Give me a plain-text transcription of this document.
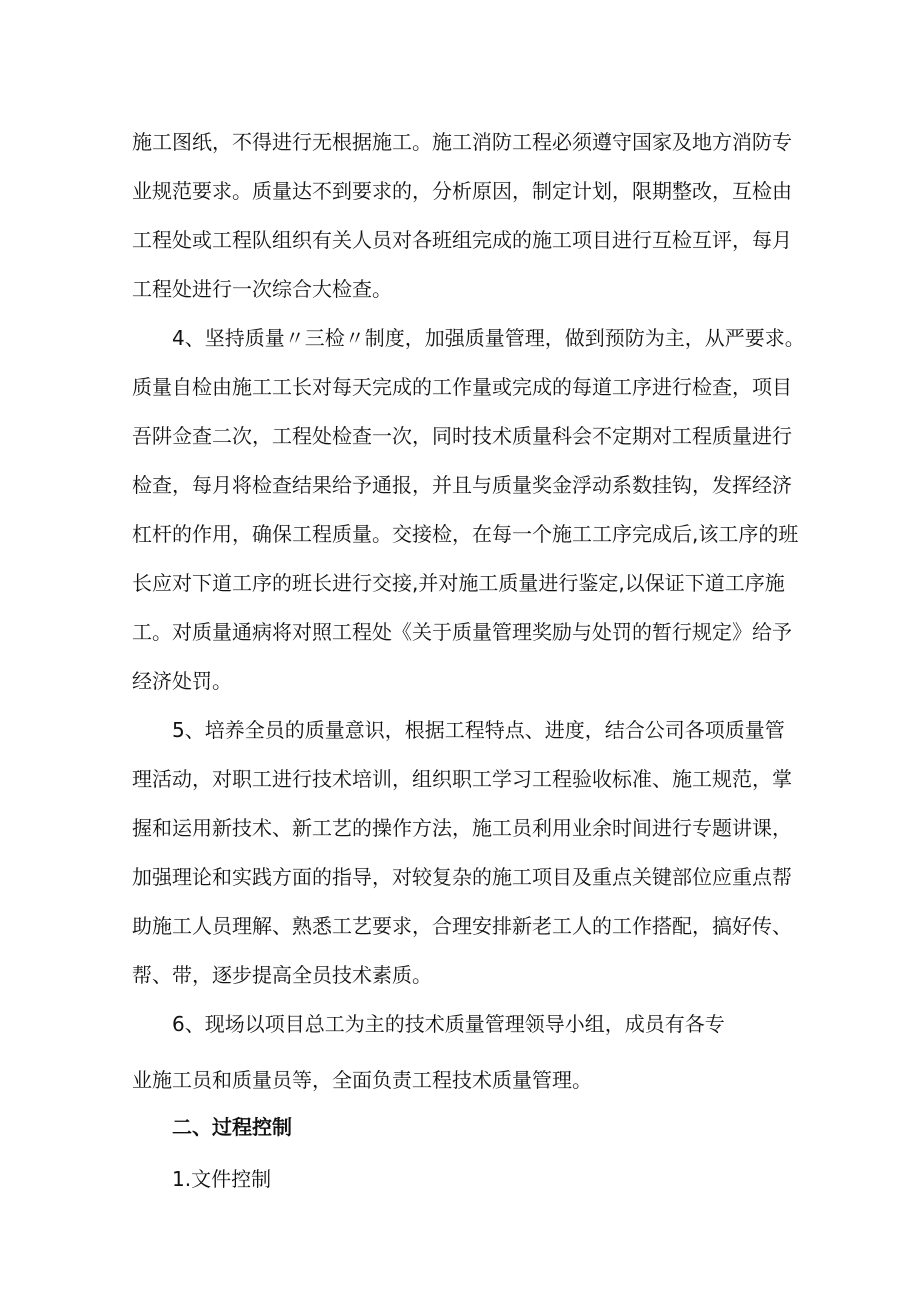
施工图纸，不得进行无根据施工。施工消防工程必须遵守国家及地方消防专
业规范要求。质量达不到要求的，分析原因，制定计划，限期整改，互检由
工程处或工程队组织有关人员对各班组完成的施工项目进行互检互评，每月
工程处进行一次综合大检查。
4、坚持质量〃三检〃制度，加强质量管理，做到预防为主，从严要求。
质量自检由施工工长对每天完成的工作量或完成的每道工序进行检查，项目
吾阱佥查二次，工程处检查一次，同时技术质量科会不定期对工程质量进行
检查，每月将检查结果给予通报，并且与质量奖金浮动系数挂钩，发挥经济
杠杆的作用，确保工程质量。交接检，在每一个施工工序完成后,该工序的班
长应对下道工序的班长进行交接,并对施工质量进行鉴定,以保证下道工序施
工。对质量通病将对照工程处《关于质量管理奖励与处罚的暂行规定》给予
经济处罚。
5、培养全员的质量意识，根据工程特点、进度，结合公司各项质量管
理活动，对职工进行技术培训，组织职工学习工程验收标准、施工规范，掌
握和运用新技术、新工艺的操作方法，施工员利用业余时间进行专题讲课，
加强理论和实践方面的指导，对较复杂的施工项目及重点关键部位应重点帮
助施工人员理解、熟悉工艺要求，合理安排新老工人的工作搭配，搞好传、
帮、带，逐步提高全员技术素质。
6、现场以项目总工为主的技术质量管理领导小组，成员有各专
业施工员和质量员等，全面负责工程技术质量管理。
二、过程控制
1.文件控制
